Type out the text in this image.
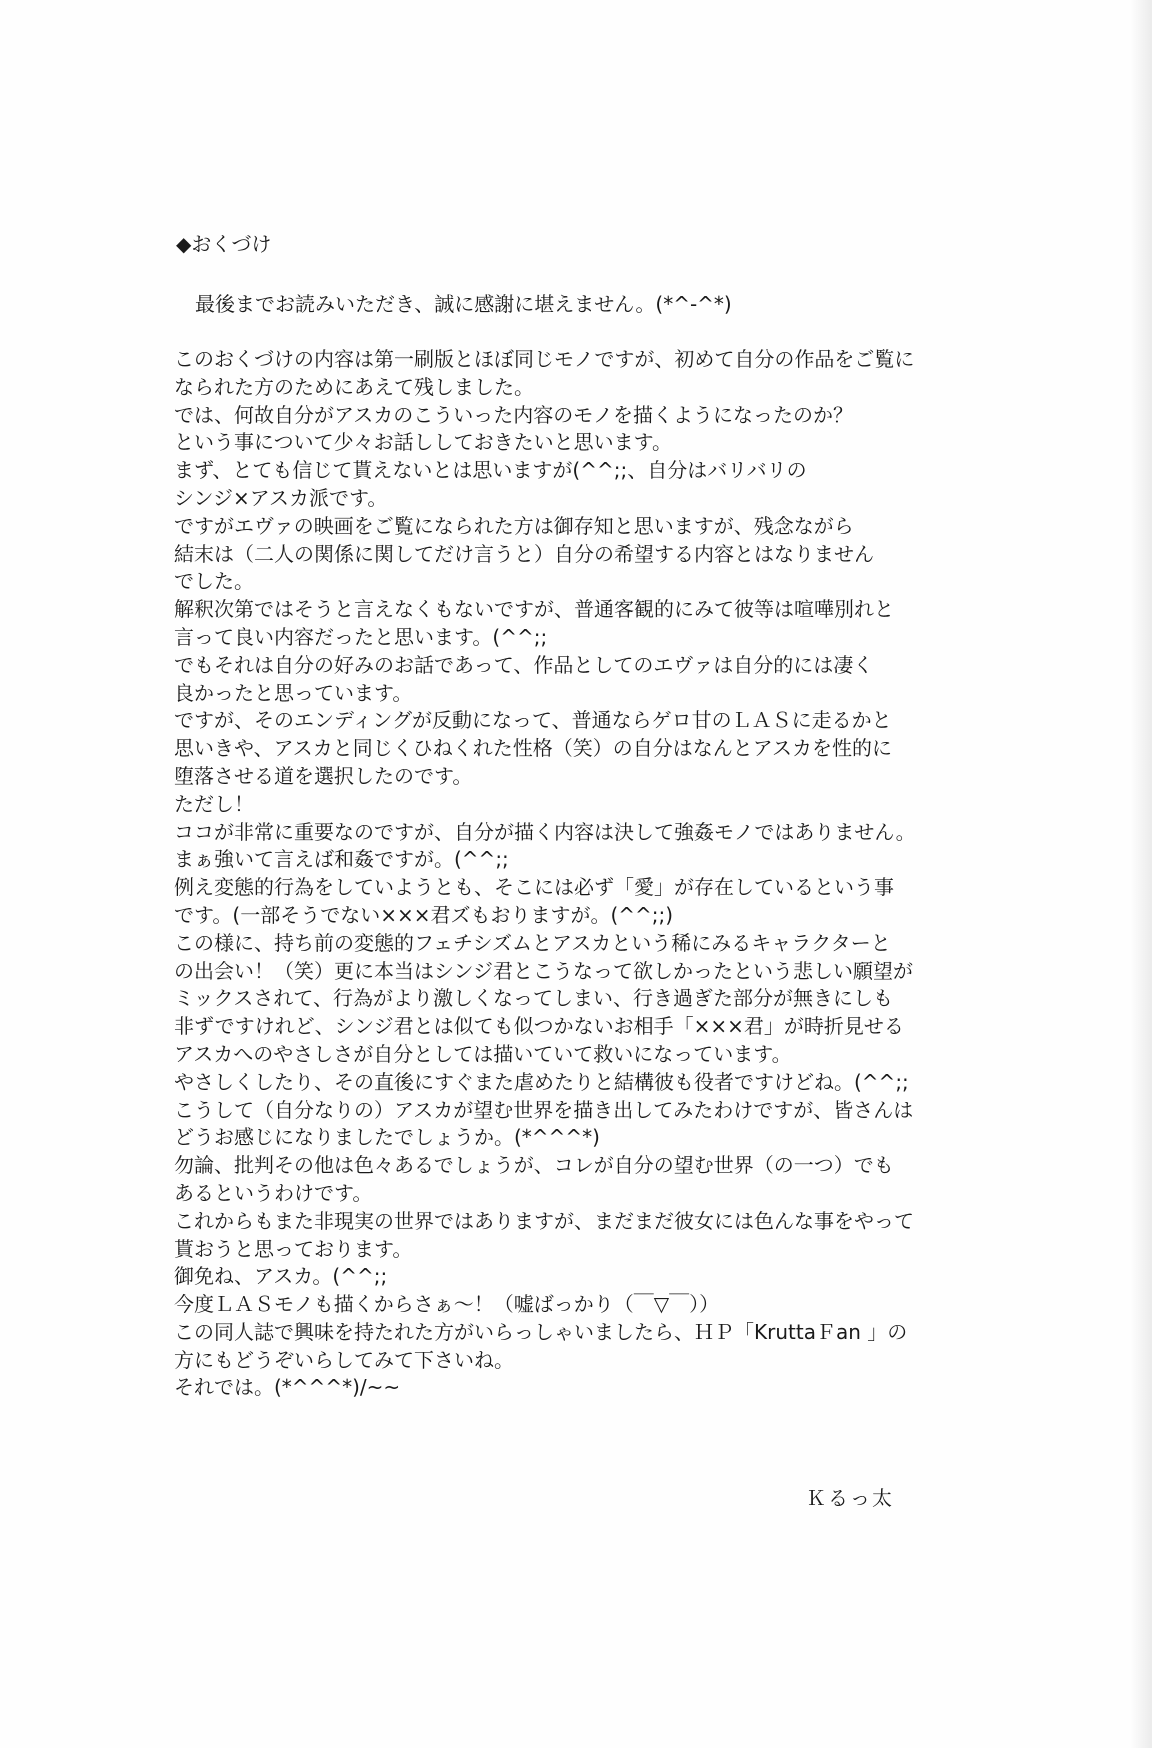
◆おくづけ
最後までお読みいただき、誠に感謝に堪えません。(*^-^*)
このおくづけの内容は第一刷版とほぼ同じモノですが、初めて自分の作品をご覧に
なられた方のためにあえて残しました。
では、何故自分がアスカのこういった内容のモノを描くようになったのか？
という事について少々お話ししておきたいと思います。
まず、とても信じて貰えないとは思いますが(^^;;、自分はバリバリの
シンジ×アスカ派です。
ですがエヴァの映画をご覧になられた方は御存知と思いますが、残念ながら
結末は（二人の関係に関してだけ言うと）自分の希望する内容とはなりません
でした。
解釈次第ではそうと言えなくもないですが、普通客観的にみて彼等は喧嘩別れと
言って良い内容だったと思います。(^^;;
でもそれは自分の好みのお話であって、作品としてのエヴァは自分的には凄く
良かったと思っています。
ですが、そのエンディングが反動になって、普通ならゲロ甘のＬＡＳに走るかと
思いきや、アスカと同じくひねくれた性格（笑）の自分はなんとアスカを性的に
堕落させる道を選択したのです。
ただし！
ココが非常に重要なのですが、自分が描く内容は決して強姦モノではありません。
まぁ強いて言えば和姦ですが。(^^;;
例え変態的行為をしていようとも、そこには必ず「愛」が存在しているという事
です。(一部そうでない×××君ズもおりますが。(^^;;)
この様に、持ち前の変態的フェチシズムとアスカという稀にみるキャラクターと
の出会い！（笑）更に本当はシンジ君とこうなって欲しかったという悲しい願望が
ミックスされて、行為がより激しくなってしまい、行き過ぎた部分が無きにしも
非ずですけれど、シンジ君とは似ても似つかないお相手「×××君」が時折見せる
アスカへのやさしさが自分としては描いていて救いになっています。
やさしくしたり、その直後にすぐまた虐めたりと結構彼も役者ですけどね。(^^;;
こうして（自分なりの）アスカが望む世界を描き出してみたわけですが、皆さんは
どうお感じになりましたでしょうか。(*^^^*)
勿論、批判その他は色々あるでしょうが、コレが自分の望む世界（の一つ）でも
あるというわけです。
これからもまた非現実の世界ではありますが、まだまだ彼女には色んな事をやって
貰おうと思っております。
御免ね、アスカ。(^^;;
今度ＬＡＳモノも描くからさぁ〜！（嘘ばっかり（￣▽￣））
この同人誌で興味を持たれた方がいらっしゃいましたら、ＨＰ「KruttaＦan 」の
方にもどうぞいらしてみて下さいね。
それでは。(*^^^*)/~~
Ｋるっ太
